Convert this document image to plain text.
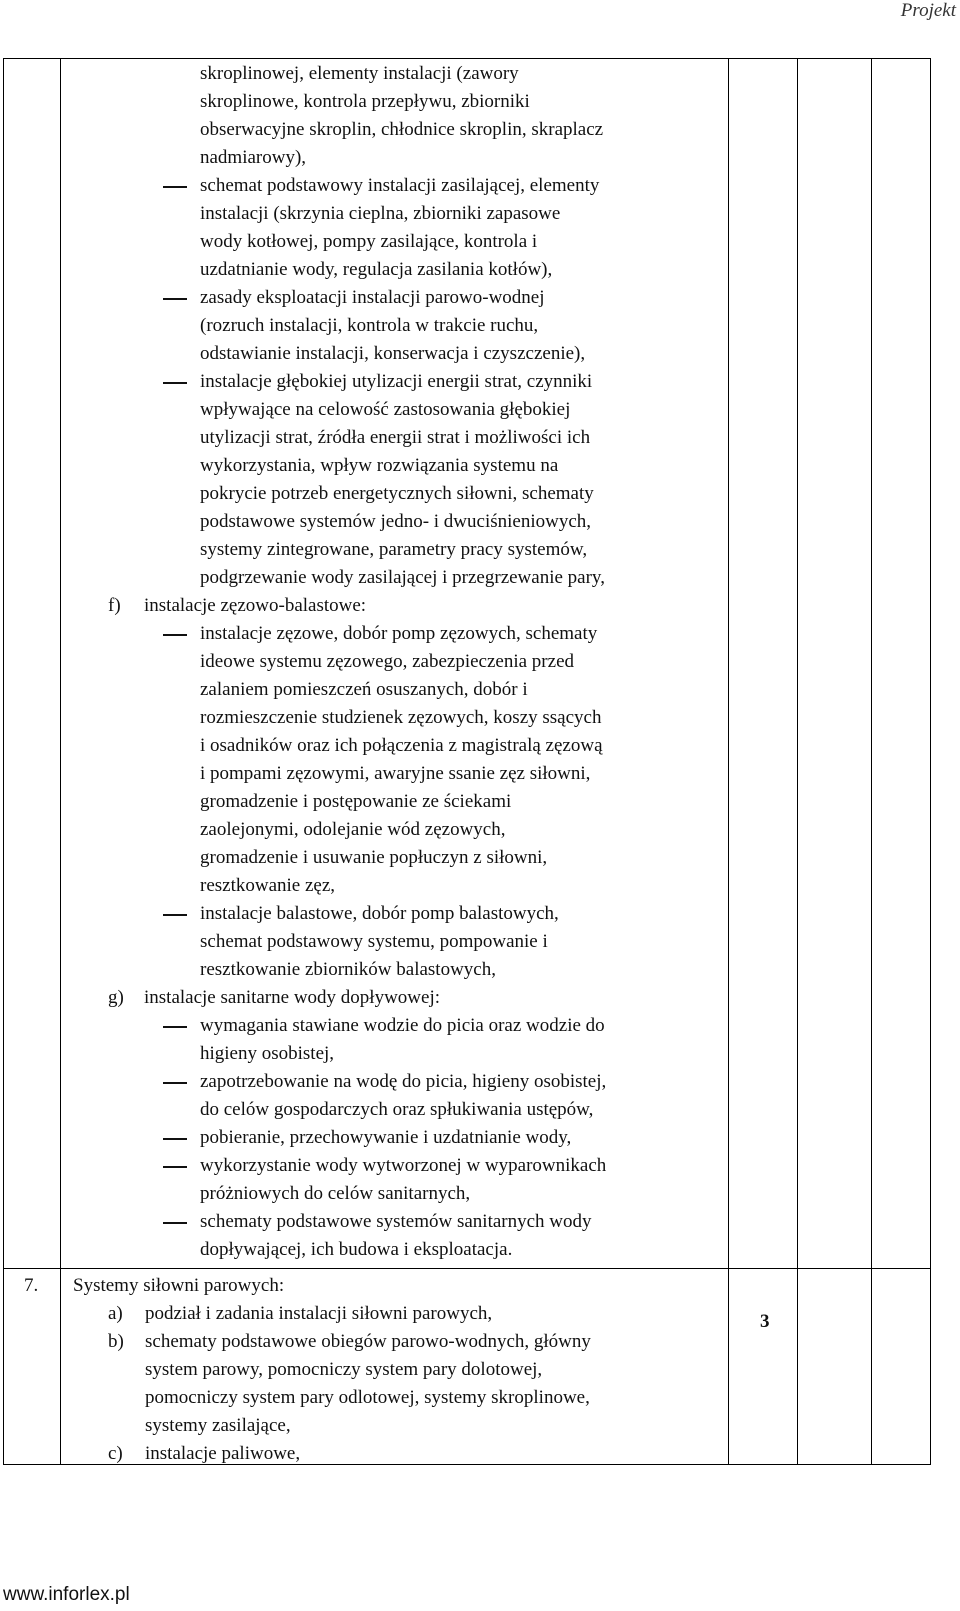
Projekt
skroplinowej, elementy instalacji (zawory
skroplinowe, kontrola przepływu, zbiorniki
obserwacyjne skroplin, chłodnice skroplin, skraplacz
nadmiarowy),
schemat podstawowy instalacji zasilającej, elementy
instalacji (skrzynia cieplna, zbiorniki zapasowe
wody kotłowej, pompy zasilające, kontrola i
uzdatnianie wody, regulacja zasilania kotłów),
zasady eksploatacji instalacji parowo-wodnej
(rozruch instalacji, kontrola w trakcie ruchu,
odstawianie instalacji, konserwacja i czyszczenie),
instalacje głębokiej utylizacji energii strat, czynniki
wpływające na celowość zastosowania głębokiej
utylizacji strat, źródła energii strat i możliwości ich
wykorzystania, wpływ rozwiązania systemu na
pokrycie potrzeb energetycznych siłowni, schematy
podstawowe systemów jedno- i dwuciśnieniowych,
systemy zintegrowane, parametry pracy systemów,
podgrzewanie wody zasilającej i przegrzewanie pary,
f) instalacje zęzowo-balastowe:
instalacje zęzowe, dobór pomp zęzowych, schematy
ideowe systemu zęzowego, zabezpieczenia przed
zalaniem pomieszczeń osuszanych, dobór i
rozmieszczenie studzienek zęzowych, koszy ssących
i osadników oraz ich połączenia z magistralą zęzową
i pompami zęzowymi, awaryjne ssanie zęz siłowni,
gromadzenie i postępowanie ze ściekami
zaolejonymi, odolejanie wód zęzowych,
gromadzenie i usuwanie popłuczyn z siłowni,
resztkowanie zęz,
instalacje balastowe, dobór pomp balastowych,
schemat podstawowy systemu, pompowanie i
resztkowanie zbiorników balastowych,
g) instalacje sanitarne wody dopływowej:
wymagania stawiane wodzie do picia oraz wodzie do
higieny osobistej,
zapotrzebowanie na wodę do picia, higieny osobistej,
do celów gospodarczych oraz spłukiwania ustępów,
pobieranie, przechowywanie i uzdatnianie wody,
wykorzystanie wody wytworzonej w wyparownikach
próżniowych do celów sanitarnych,
schematy podstawowe systemów sanitarnych wody
dopływającej, ich budowa i eksploatacja.
7. Systemy siłowni parowych:
a) podział i zadania instalacji siłowni parowych,
b) schematy podstawowe obiegów parowo-wodnych, główny
system parowy, pomocniczy system pary dolotowej,
pomocniczy system pary odlotowej, systemy skroplinowe,
systemy zasilające,
c) instalacje paliwowe,
3
www.inforlex.pl
